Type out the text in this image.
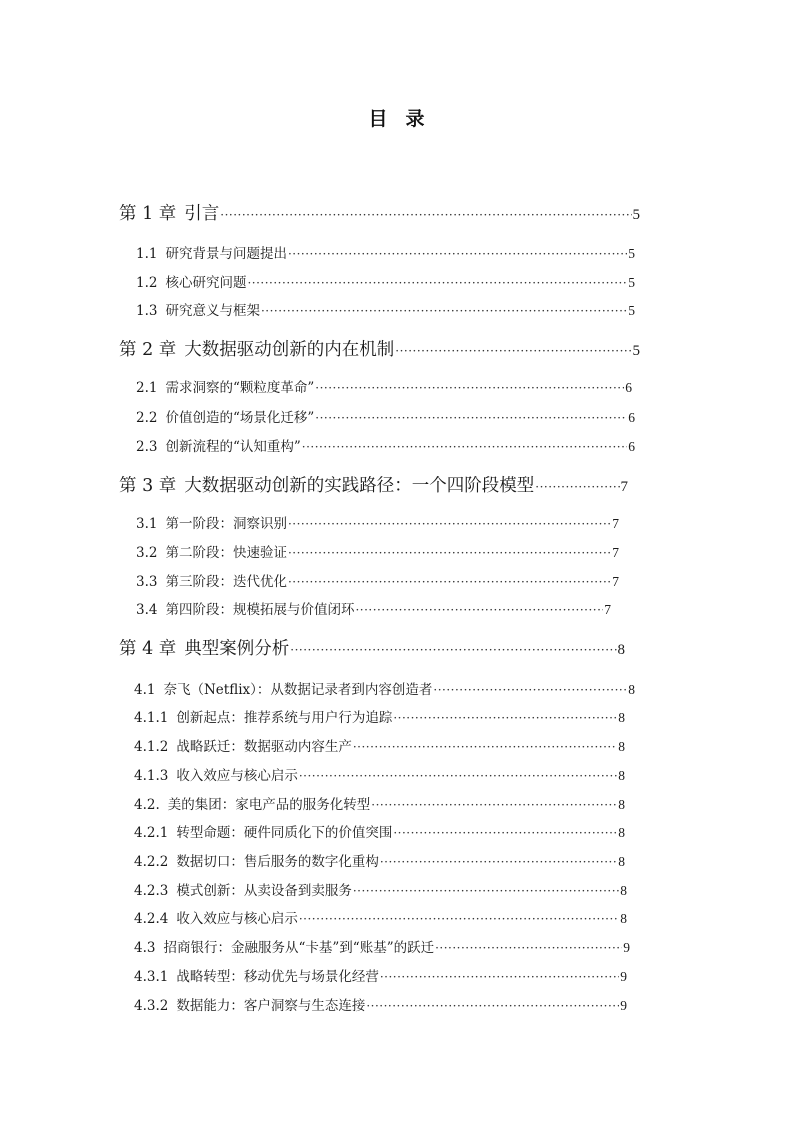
目录
第 1 章 引言 ·····	5
1.1 研究背景与问题提出 ·····	5
1.2 核心研究问题 ·····	5
1.3 研究意义与框架 ·····	5
第 2 章 大数据驱动创新的内在机制 ·····	5
2.1 需求洞察的“颗粒度革命” ·····	6
2.2 价值创造的“场景化迁移” ·····	6
2.3 创新流程的“认知重构” ·····	6
第 3 章 大数据驱动创新的实践路径：一个四阶段模型 ·····	7
3.1 第一阶段：洞察识别 ·····	7
3.2 第二阶段：快速验证 ·····	7
3.3 第三阶段：迭代优化 ·····	7
3.4 第四阶段：规模拓展与价值闭环 ·····	7
第 4 章 典型案例分析 ·····	8
4.1 奈飞（Netflix）：从数据记录者到内容创造者 ·····	8
4.1.1 创新起点：推荐系统与用户行为追踪 ·····	8
4.1.2 战略跃迁：数据驱动内容生产 ·····	8
4.1.3 收入效应与核心启示 ·····	8
4.2. 美的集团：家电产品的服务化转型 ·····	8
4.2.1 转型命题：硬件同质化下的价值突围 ·····	8
4.2.2 数据切口：售后服务的数字化重构 ·····	8
4.2.3 模式创新：从卖设备到卖服务 ·····	8
4.2.4 收入效应与核心启示 ·····	8
4.3 招商银行：金融服务从“卡基”到“账基”的跃迁 ·····	9
4.3.1 战略转型：移动优先与场景化经营 ·····	9
4.3.2 数据能力：客户洞察与生态连接 ·····	9
